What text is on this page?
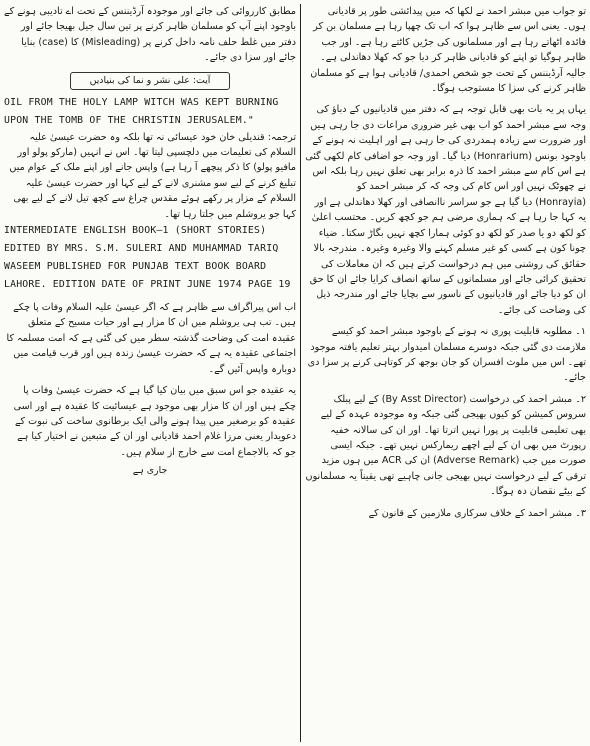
تو جواب میں مبشر احمد نے لکھا کہ میں پیدائشی طور پر قادیانی ہوں۔ یعنی اس سے ظاہر ہوا کہ اب تک چھپا رہا ہے مسلمان بن کر فائدہ اٹھاتے رہا ہے اور مسلمانوں کی جڑیں کاٹتے رہا ہے۔ اور جب ظاہر ہوگیا تو اپنے کو قادیانی ظاہر کر دیا جو کہ کھلا دھاندلی ہے۔ جالیہ آرڈیننس کے تحت جو شخص احمدی/ قادیانی ہوا ہے کو مسلمان ظاہر کرنے کی سزا کا مستوجب ہوگا۔

یہاں پر یہ بات بھی قابل توجہ ہے کہ دفتر میں قادیانیوں کے دباؤ کی وجہ سے مبشر احمد کو اب بھی غیر ضروری مراعات دی جا رہی ہیں اور ضرورت سے زیادہ ہمدردی کی جا رہی ہے اور اہلیت نہ ہونے کے باوجود بونس (Honrarium) دیا گیا۔ اور وجہ جو اضافی کام لکھی گئی ہے اس کام سے مبشر احمد کا ذرہ برابر بھی تعلق نہیں رہا بلکہ اس نے چھوٹک نہیں اور اس کام کی وجہ کہ کر مبشر احمد کو (Honrayia) دیا گیا ہے جو سراسر ناانصافی اور کھلا دھاندلی ہے اور یہ کہا جا رہا ہے کہ ہماری مرضی ہم جو کچھ کریں۔ محتسب اعلیٰ کو لکھ دو یا صدر کو لکھ دو کوئی ہمارا کچھ نہیں بگاڑ سکتا۔ ضیاء چونا کون ہے کسی کو غیر مسلم کہنے والا وغیرہ وغیرہ۔ مندرجہ بالا حقائق کی روشنی میں ہم درخواست کرتے ہیں کہ ان معاملات کی تحقیق کرائی جائے اور مسلمانوں کے ساتھ انصاف کرایا جائے ان کا حق ان کو دیا جائے اور قادیانیوں کے ناسور سے بچایا جائے اور مندرجہ ذیل کی وضاحت کی جائے۔

۱۔ مطلوبہ قابلیت پوری نہ ہونے کے باوجود مبشر احمد کو کیسے ملازمت دی گئی جبکہ دوسرے مسلمان امیدوار بہتر تعلیم یافتہ موجود تھے۔ اس میں ملوث افسران کو جان بوجھ کر کوتاہی کرنے پر سزا دی جائے۔

۲۔ مبشر احمد کی درخواست (By Asst Director) کے لیے پبلک سروس کمیشن کو کیوں بھیجی گئی جبکہ وہ موجودہ عہدہ کے لیے بھی تعلیمی قابلیت پر پورا نہیں اترتا تھا۔ اور ان کی سالانہ خفیہ رپورٹ میں بھی ان کے لیے اچھے ریمارکس نہیں تھے۔ جبکہ ایسی صورت میں جب (Adverse Remark) ان کی ACR میں ہوں مزید ترقی کے لیے درخواست نہیں بھیجی جانی چاہیے تھی یقیناً یہ مسلمانوں کے بیٹے نقصان دہ ہوگا۔

۳۔ مبشر احمد کے خلاف سرکاری ملازمین کے قانون کے

مطابق کارروائی کی جائے اور موجودہ آرڈیننس کے تحت اے تادیبی ہونے کے باوجود اپنے آپ کو مسلمان ظاہر کرنے پر تین سال جیل بھیجا جائے اور دفتر میں غلط حلف نامہ داخل کرنے پر (Misleading) کا (case) بنایا جائے اور سزا دی جائے۔

آیت: علی نشر و نما کی بنیادیں

OIL FROM THE HOLY LAMP WITCH WAS KEPT BURNING UPON THE TOMB OF THE CHRISTIN JERUSALEM."

ترجمہ: قندیلی خان خود عیسائی نہ تھا بلکہ وہ حضرت عیسیٰ علیہ السلام کی تعلیمات میں دلچسپی لیتا تھا۔ اس نے انہیں (مارکو پولو اور مافیو پولو) کا ذکر پیچھے آ رہا ہے) واپس جانے اور اپنے ملک کے عوام میں تبلیغ کرنے کے لیے سو مشنری لانے کے لیے کہا اور حضرت عیسیٰ علیہ السلام کے مزار پر رکھے ہوئے مقدس چراغ سے کچھ تیل لانے کے لیے بھی کہا جو یروشلم میں جلتا رہا تھا۔

INTERMEDIATE ENGLISH BOOK—1 (SHORT STORIES) EDITED BY MRS. S.M. SULERI AND MUHAMMAD TARIQ WASEEM PUBLISHED FOR PUNJAB TEXT BOOK BOARD LAHORE. EDITION DATE OF PRINT JUNE 1974 PAGE 19

اب اس پیراگراف سے ظاہر ہے کہ اگر عیسیٰ علیہ السلام وفات پا چکے ہیں۔ تب ہی یروشلم میں ان کا مزار ہے اور حیات مسیح کے متعلق عقیدہ امت کی وضاحت گذشتہ سطر میں کی گئی ہے کہ امت مسلمہ کا اجتماعی عقیدہ یہ ہے کہ حضرت عیسیٰ زندہ ہیں اور قرب قیامت میں دوبارہ واپس آئیں گے۔

یہ عقیدہ جو اس سبق میں بیان کیا گیا ہے کہ حضرت عیسیٰ وفات پا چکے ہیں اور ان کا مزار بھی موجود ہے عیسائیت کا عقیدہ ہے اور اسی عقیدہ کو برصغیر میں پیدا ہونے والی ایک برطانوی ساخت کی نبوت کے دعویدار یعنی مرزا غلام احمد قادیانی اور ان کے متبعین نے اختیار کیا ہے جو کہ بالاجماع امت سے خارج از سلام ہیں۔

جاری ہے
